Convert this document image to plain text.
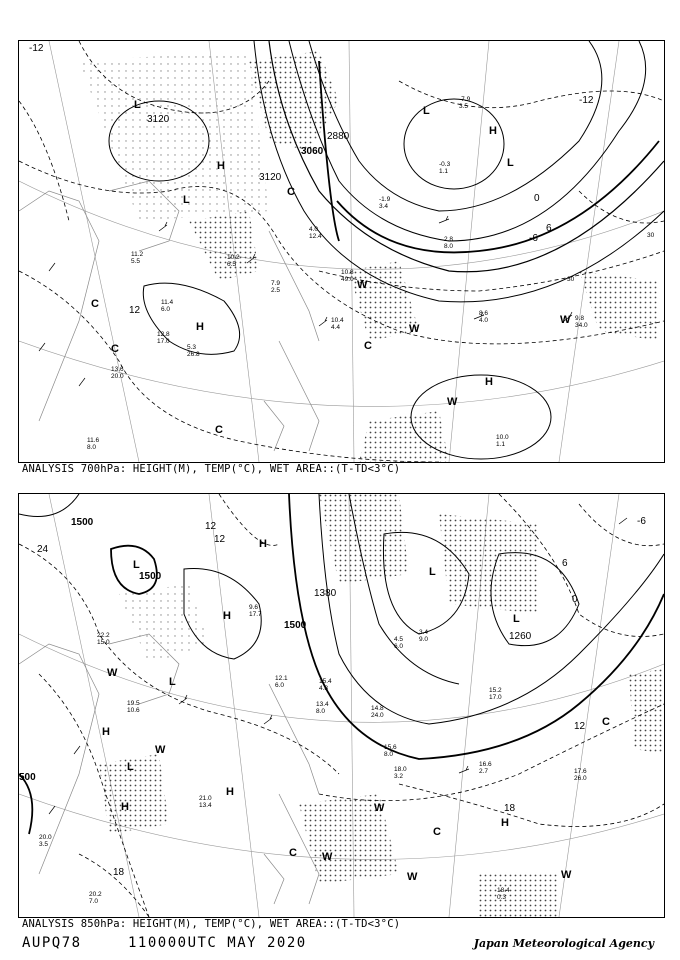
3120
3120
3060
2880
30
30
-12
-6
0
6
12
-12
L
L
L
L
H
H
H
H
C
C
C	C
C
W
W
W
W
11.2
5.5
11.4
6.0
12.8
17.0
11.6
8.0
10.2
6.5
7.9
2.5
10.4
4.4
10.8
49.0
8.6
4.0	9.8
34.0
10.0
1.1
13.6
20.0
-0.3
1.1
-1.9
3.4
2.8
8.0
-7.9
3.5
4.0
12.4
5.3
26.8
ANALYSIS 700hPa: HEIGHT(M), TEMP(°C), WET AREA::(T-TD<3°C)
1500
1500
1500
1380
1260
500
24
12
12
6
0
-6
12
18
18
L
L
L
L
L
H
H
H
H
H
H
C
C
C
W
W
W
W
W	W
22.2
15.0
19.5
10.6
20.0
3.5
12.1
6.0
15.4
4.8
13.4
8.0	14.8
24.0
15.6
8.0
18.0
3.2
16.6
2.7	17.6
26.0
18.4
0.3
21.0
13.4
20.2
7.0
15.2
17.0
4.5
6.0
3.4
9.0
9.6
17.7
ANALYSIS 850hPa: HEIGHT(M), TEMP(°C), WET AREA::(T-TD<3°C)
AUPQ78	110000UTC MAY 2020	Japan Meteorological Agency
